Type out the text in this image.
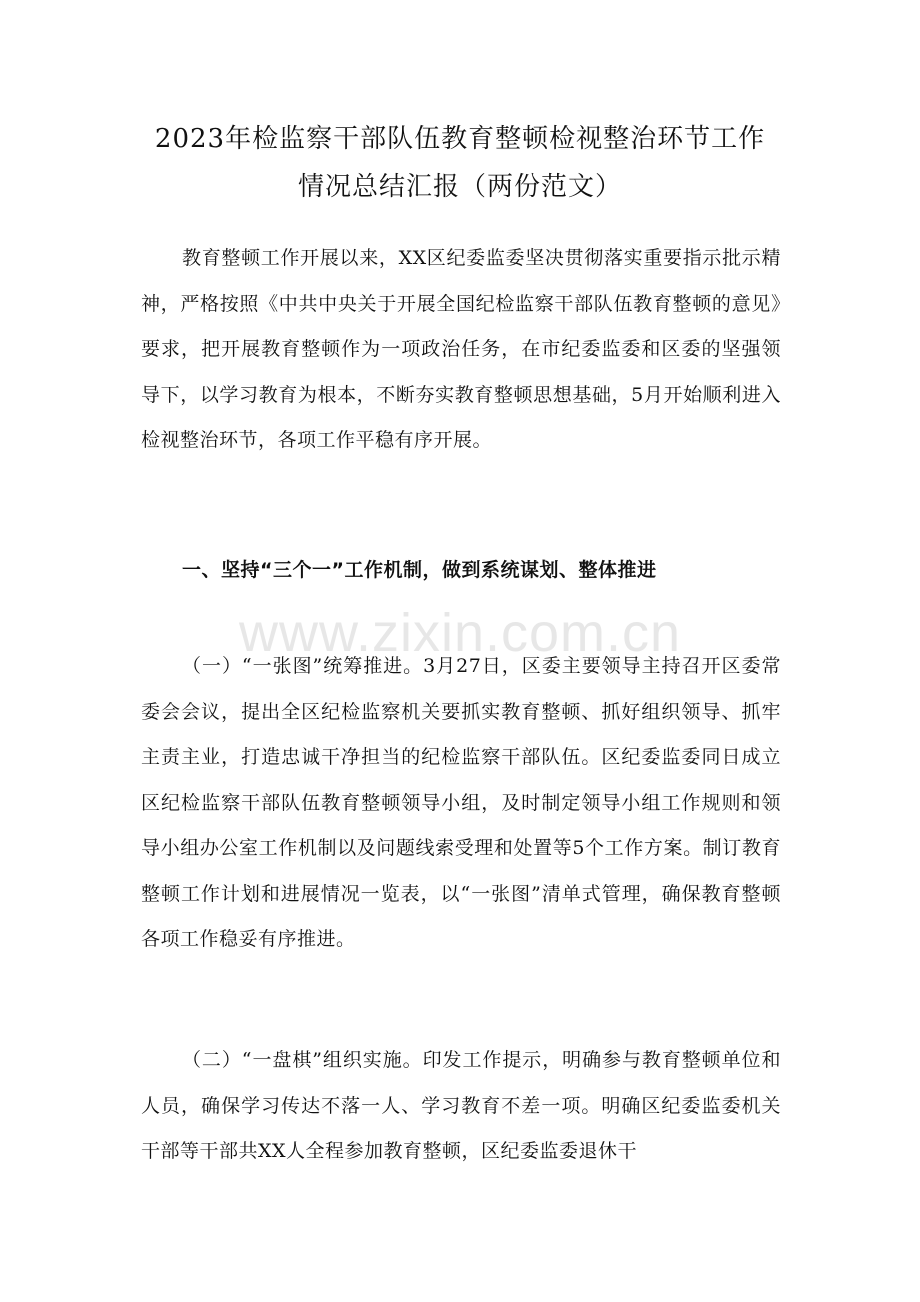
2023年检监察干部队伍教育整顿检视整治环节工作
情况总结汇报（两份范文）

教育整顿工作开展以来，XX区纪委监委坚决贯彻落实重要指示批示精神，严格按照《中共中央关于开展全国纪检监察干部队伍教育整顿的意见》要求，把开展教育整顿作为一项政治任务，在市纪委监委和区委的坚强领导下，以学习教育为根本，不断夯实教育整顿思想基础，5月开始顺利进入检视整治环节，各项工作平稳有序开展。

一、坚持“三个一”工作机制，做到系统谋划、整体推进
www.zixin.com.cn

（一）“一张图”统筹推进。3月27日，区委主要领导主持召开区委常委会会议，提出全区纪检监察机关要抓实教育整顿、抓好组织领导、抓牢主责主业，打造忠诚干净担当的纪检监察干部队伍。区纪委监委同日成立区纪检监察干部队伍教育整顿领导小组，及时制定领导小组工作规则和领导小组办公室工作机制以及问题线索受理和处置等5个工作方案。制订教育整顿工作计划和进展情况一览表，以“一张图”清单式管理，确保教育整顿各项工作稳妥有序推进。

（二）“一盘棋”组织实施。印发工作提示，明确参与教育整顿单位和人员，确保学习传达不落一人、学习教育不差一项。明确区纪委监委机关干部等干部共XX人全程参加教育整顿，区纪委监委退休干
